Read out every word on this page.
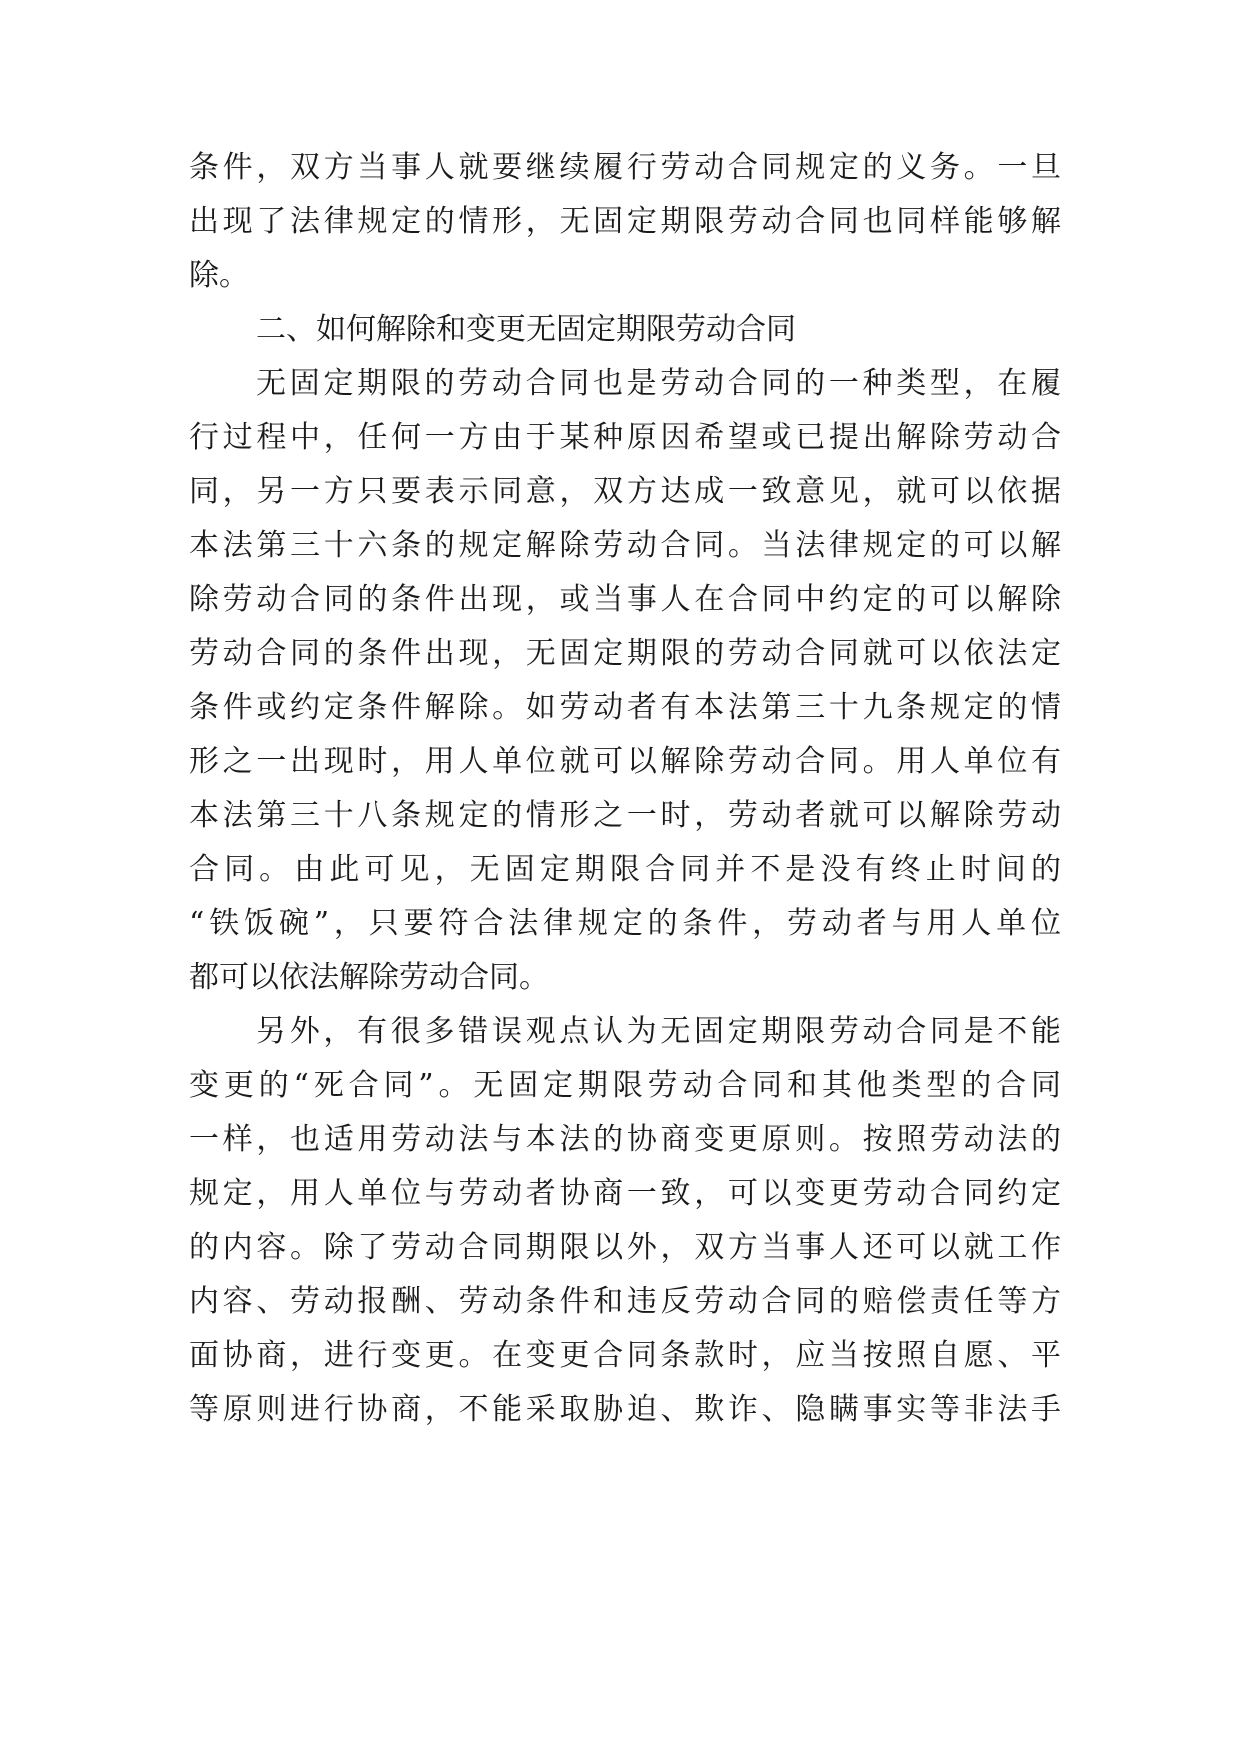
条件，双方当事人就要继续履行劳动合同规定的义务。一旦
出现了法律规定的情形，无固定期限劳动合同也同样能够解
除。
二、如何解除和变更无固定期限劳动合同
无固定期限的劳动合同也是劳动合同的一种类型，在履
行过程中，任何一方由于某种原因希望或已提出解除劳动合
同，另一方只要表示同意，双方达成一致意见，就可以依据
本法第三十六条的规定解除劳动合同。当法律规定的可以解
除劳动合同的条件出现，或当事人在合同中约定的可以解除
劳动合同的条件出现，无固定期限的劳动合同就可以依法定
条件或约定条件解除。如劳动者有本法第三十九条规定的情
形之一出现时，用人单位就可以解除劳动合同。用人单位有
本法第三十八条规定的情形之一时，劳动者就可以解除劳动
合同。由此可见，无固定期限合同并不是没有终止时间的
“铁饭碗”，只要符合法律规定的条件，劳动者与用人单位
都可以依法解除劳动合同。
另外，有很多错误观点认为无固定期限劳动合同是不能
变更的“死合同”。无固定期限劳动合同和其他类型的合同
一样，也适用劳动法与本法的协商变更原则。按照劳动法的
规定，用人单位与劳动者协商一致，可以变更劳动合同约定
的内容。除了劳动合同期限以外，双方当事人还可以就工作
内容、劳动报酬、劳动条件和违反劳动合同的赔偿责任等方
面协商，进行变更。在变更合同条款时，应当按照自愿、平
等原则进行协商，不能采取胁迫、欺诈、隐瞒事实等非法手
